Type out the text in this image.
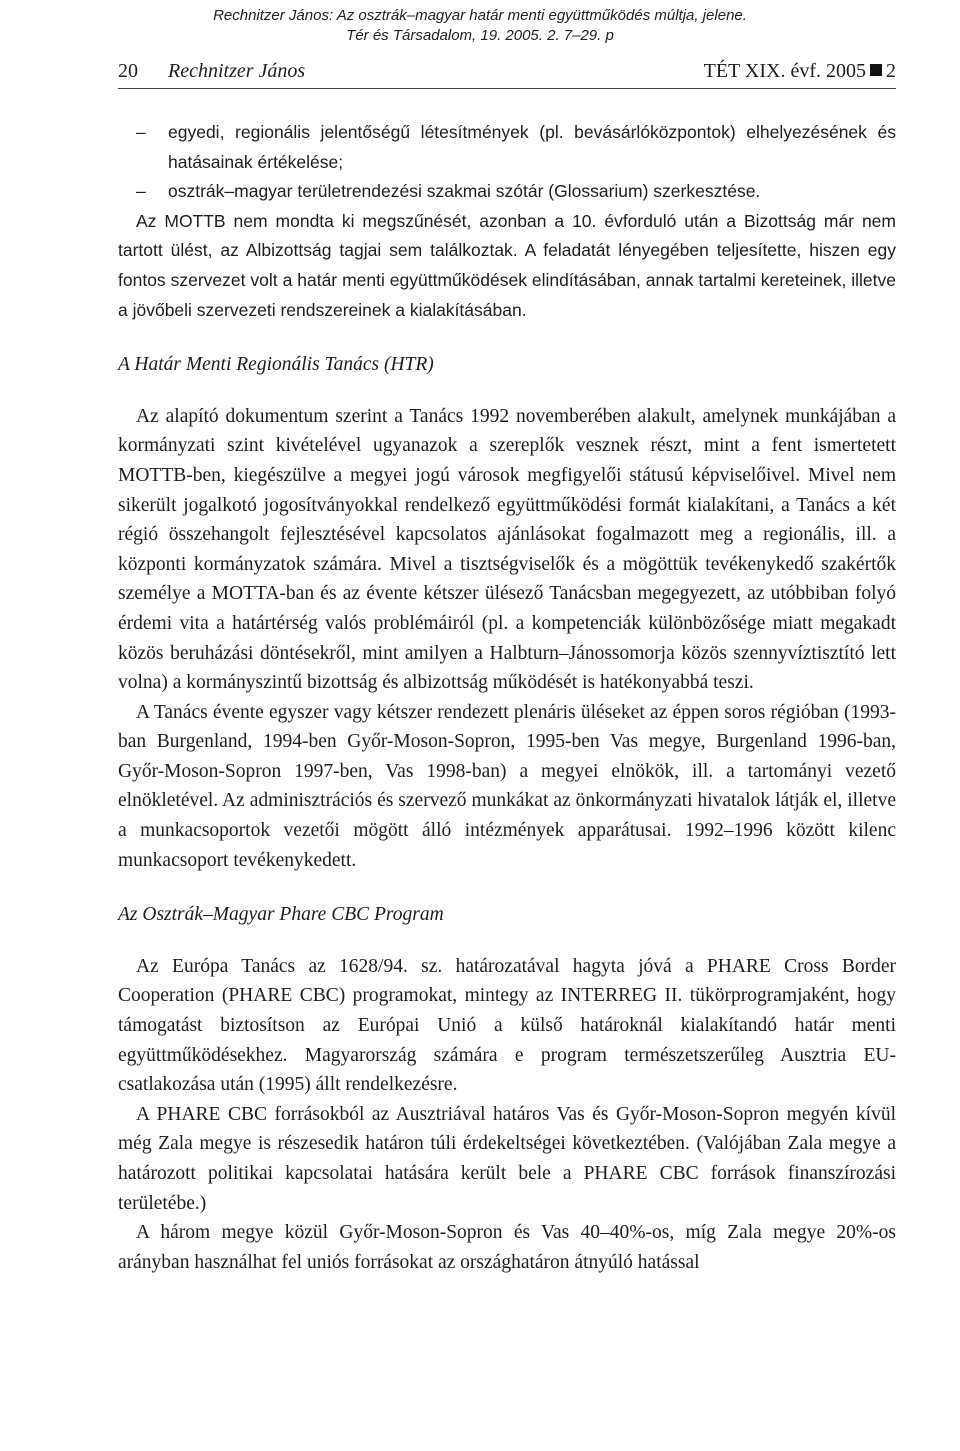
Rechnitzer János: Az osztrák–magyar határ menti együttműködés múltja, jelene.
Tér és Társadalom, 19. 2005. 2. 7–29. p
20 Rechnitzer János	TÉT XIX. évf. 2005 2

– egyedi, regionális jelentőségű létesítmények (pl. bevásárlóközpontok) elhelyezésének és hatásainak értékelése;

– osztrák–magyar területrendezési szakmai szótár (Glossarium) szerkesztése.

Az MOTTB nem mondta ki megszűnését, azonban a 10. évforduló után a Bizottság már nem tartott ülést, az Albizottság tagjai sem találkoztak. A feladatát lényegében teljesítette, hiszen egy fontos szervezet volt a határ menti együttműködések elindításában, annak tartalmi kereteinek, illetve a jövőbeli szervezeti rendszereinek a kialakításában.

A Határ Menti Regionális Tanács (HTR)

Az alapító dokumentum szerint a Tanács 1992 novemberében alakult, amelynek munkájában a kormányzati szint kivételével ugyanazok a szereplők vesznek részt, mint a fent ismertetett MOTTB-ben, kiegészülve a megyei jogú városok megfigyelői státusú képviselőivel. Mivel nem sikerült jogalkotó jogosítványokkal rendelkező együttműködési formát kialakítani, a Tanács a két régió összehangolt fejlesztésével kapcsolatos ajánlásokat fogalmazott meg a regionális, ill. a központi kormányzatok számára. Mivel a tisztségviselők és a mögöttük tevékenykedő szakértők személye a MOTTA-ban és az évente kétszer ülésező Tanácsban megegyezett, az utóbbiban folyó érdemi vita a határtérség valós problémáiról (pl. a kompetenciák különbözősége miatt megakadt közös beruházási döntésekről, mint amilyen a Halbturn–Jánossomorja közös szennyvíztisztító lett volna) a kormányszintű bizottság és albizottság működését is hatékonyabbá teszi.

A Tanács évente egyszer vagy kétszer rendezett plenáris üléseket az éppen soros régióban (1993-ban Burgenland, 1994-ben Győr-Moson-Sopron, 1995-ben Vas megye, Burgenland 1996-ban, Győr-Moson-Sopron 1997-ben, Vas 1998-ban) a megyei elnökök, ill. a tartományi vezető elnökletével. Az adminisztrációs és szervező munkákat az önkormányzati hivatalok látják el, illetve a munkacsoportok vezetői mögött álló intézmények apparátusai. 1992–1996 között kilenc munkacsoport tevékenykedett.

Az Osztrák–Magyar Phare CBC Program

Az Európa Tanács az 1628/94. sz. határozatával hagyta jóvá a PHARE Cross Border Cooperation (PHARE CBC) programokat, mintegy az INTERREG II. tükörprogramjaként, hogy támogatást biztosítson az Európai Unió a külső határoknál kialakítandó határ menti együttműködésekhez. Magyarország számára e program természetszerűleg Ausztria EU-csatlakozása után (1995) állt rendelkezésre.

A PHARE CBC forrásokból az Ausztriával határos Vas és Győr-Moson-Sopron megyén kívül még Zala megye is részesedik határon túli érdekeltségei következtében. (Valójában Zala megye a határozott politikai kapcsolatai hatására került bele a PHARE CBC források finanszírozási területébe.)

A három megye közül Győr-Moson-Sopron és Vas 40–40%-os, míg Zala megye 20%-os arányban használhat fel uniós forrásokat az országhatáron átnyúló hatással
